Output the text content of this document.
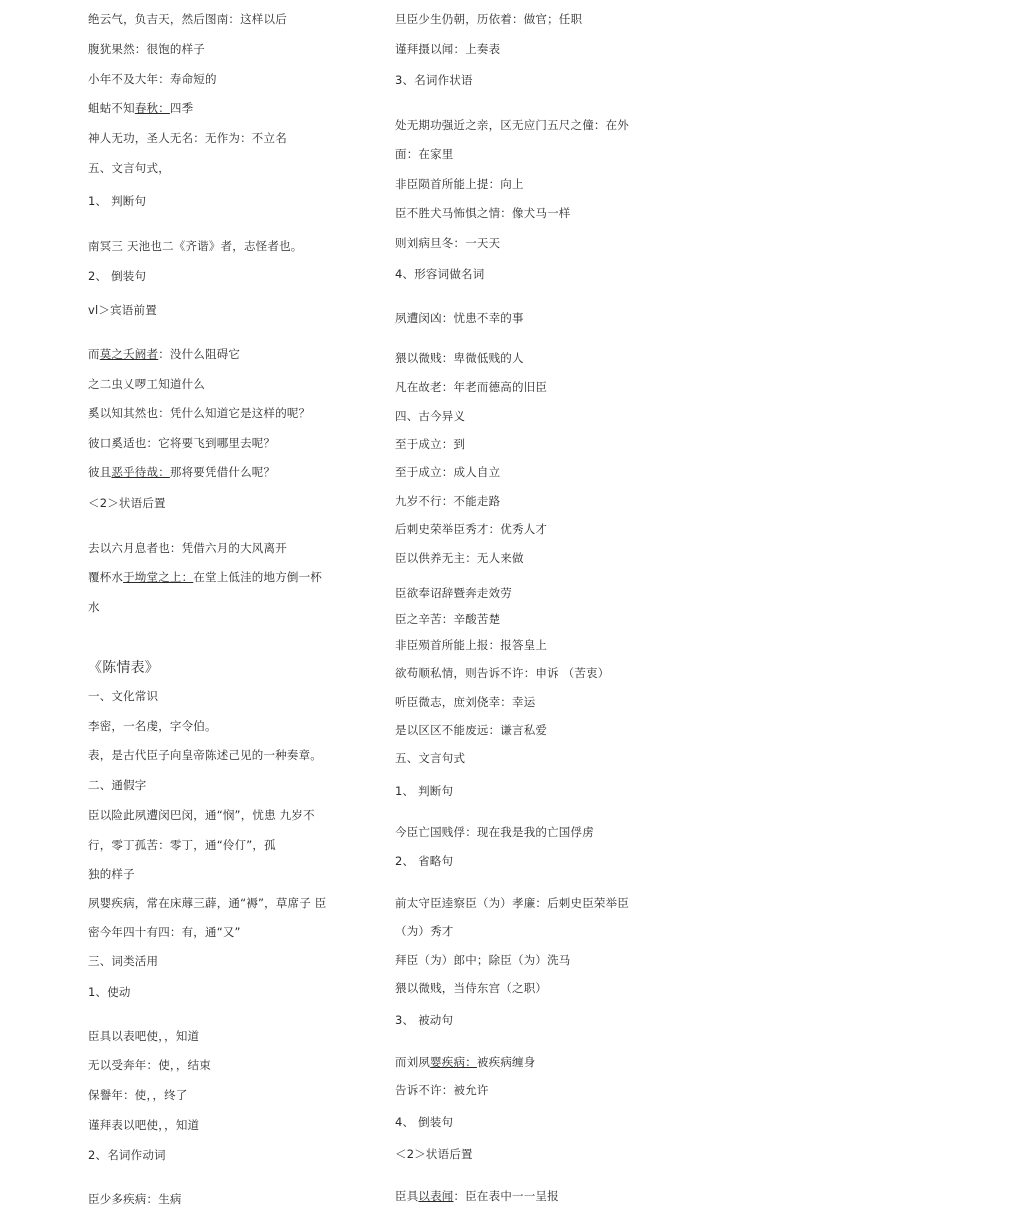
绝云气，负吉天，然后图南：这样以后
腹犹果然：很饱的样子
小年不及大年：寿命短的
蛆蛄不知春秋：四季
神人无功，圣人无名：无作为：不立名
五、文言句式，
1、 判断句
南冥三 天池也二《齐谐》者，志怪者也。
2、 倒装句
vl＞宾语前置
而莫之夭阏者：没什么阻碍它
之二虫乂啰工知道什么
奚以知其然也：凭什么知道它是这样的呢？
彼口奚适也：它将要飞到哪里去呢？
彼且恶乎待哉：那将要凭借什么呢？
＜2＞状语后置
去以六月息者也：凭借六月的大风离开
覆杯水于坳堂之上：在堂上低洼的地方倒一杯
水
《陈情表》
一、文化常识
李密，一名虔，字令伯。
表，是古代臣子向皇帝陈述己见的一种奏章。
二、通假字
臣以险此夙遭闵巴闵，通“悯”，忧患 九岁不
行，零丁孤苦：零丁，通“伶仃”，孤
独的样子
夙婴疾病，常在床蓐三薜，通“褥”，草席子 臣
密今年四十有四：有，通“又”
三、词类活用
1、使动
臣具以表吧使，，知道
无以受奔年：使，，结束
保譽年：使，，终了
谨拜表以吧使，，知道
2、名词作动词
臣少多疾病：生病
旦臣少生仍朝，历依着：做官；任职
谨拜摄以闻：上奏表
3、名词作状语
处无期功强近之亲，区无应门五尺之僮：在外
面：在家里
非臣陨首所能上提：向上
臣不胜犬马怖惧之情：像犬马一样
则刘病旦冬：一天天
4、形容词做名词
夙遭闵凶：忧患不幸的事
猥以微贱：卑微低贱的人
凡在故老：年老而德高的旧臣
四、古今异义
至于成立：到
至于成立：成人自立
九岁不行：不能走路
后刺史荣举臣秀才：优秀人才
臣以供养无主：无人来做
臣欲奉诏辞暨奔走效劳
臣之辛苦：辛酸苦楚
非臣殒首所能上报：报答皇上
欲苟顺私情，则告诉不许：申诉 （苦衷）
听臣微志，庶刘侥幸：幸运
是以区区不能废远：谦言私爱
五、文言句式
1、 判断句
今臣亡国贱俘：现在我是我的亡国俘虏
2、 省略句
前太守臣逵察臣（为）孝廉：后刺史臣荣举臣
（为）秀才
拜臣（为）郎中；除臣（为）洗马
猥以微贱，当侍东宫（之职）
3、 被动句
而刘夙婴疾病：被疾病缠身
告诉不许：被允许
4、 倒装句
＜2＞状语后置
臣具以表闻：臣在表中一一呈报
